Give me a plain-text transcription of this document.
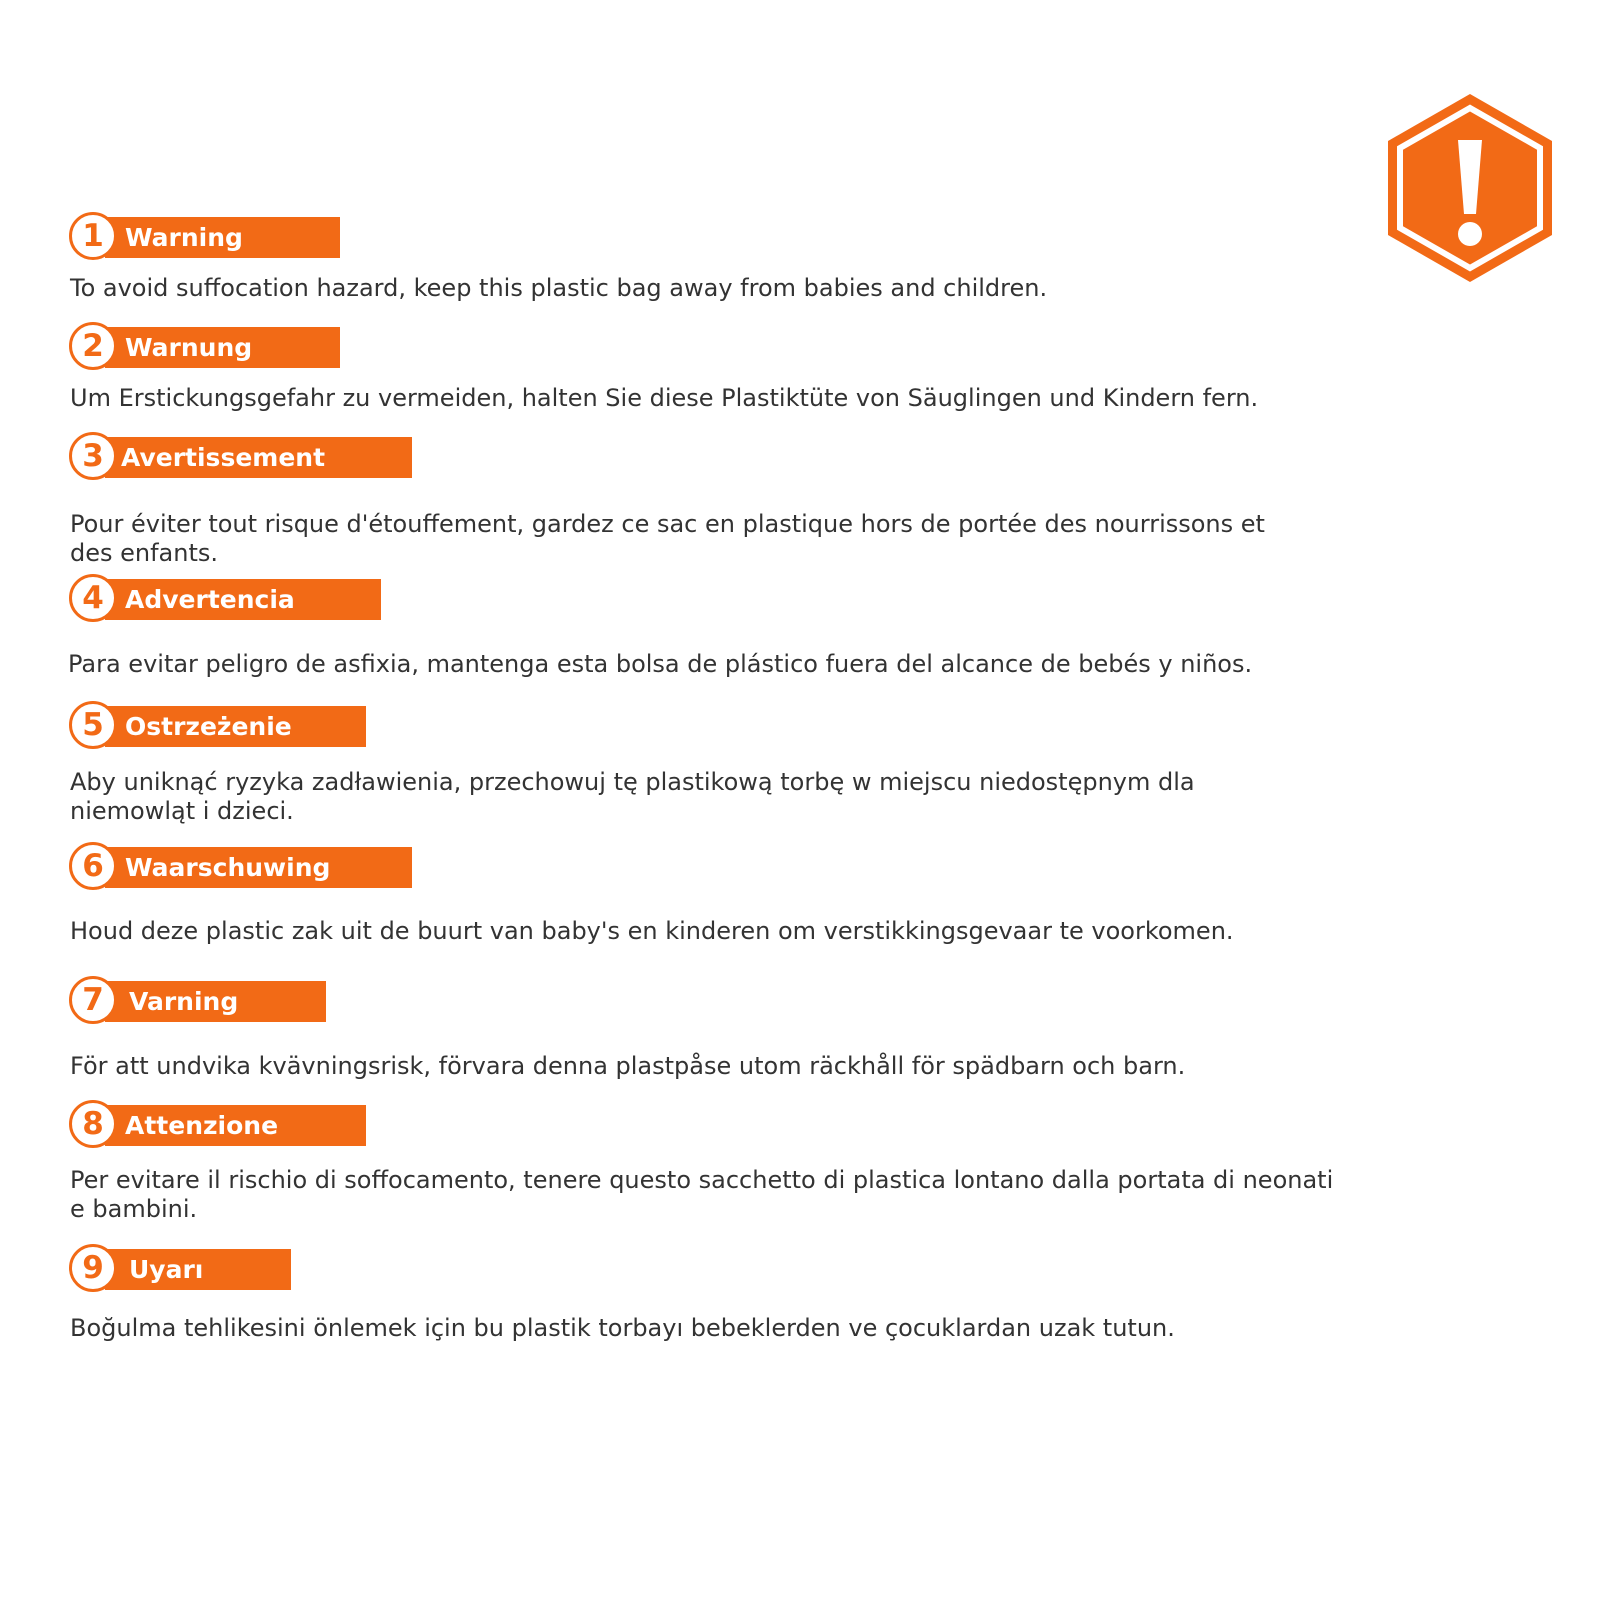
1 Warning
To avoid suffocation hazard, keep this plastic bag away from babies and children.
2 Warnung
Um Erstickungsgefahr zu vermeiden, halten Sie diese Plastiktüte von Säuglingen und Kindern fern.
3 Avertissement
Pour éviter tout risque d'étouffement, gardez ce sac en plastique hors de portée des nourrissons et
des enfants.
4 Advertencia
Para evitar peligro de asfixia, mantenga esta bolsa de plástico fuera del alcance de bebés y niños.
5 Ostrzeżenie
Aby uniknąć ryzyka zadławienia, przechowuj tę plastikową torbę w miejscu niedostępnym dla
niemowląt i dzieci.
6 Waarschuwing
Houd deze plastic zak uit de buurt van baby's en kinderen om verstikkingsgevaar te voorkomen.
7	Varning
För att undvika kvävningsrisk, förvara denna plastpåse utom räckhåll för spädbarn och barn.
8 Attenzione
Per evitare il rischio di soffocamento, tenere questo sacchetto di plastica lontano dalla portata di neonati
e bambini.
9	Uyarı
Boğulma tehlikesini önlemek için bu plastik torbayı bebeklerden ve çocuklardan uzak tutun.
